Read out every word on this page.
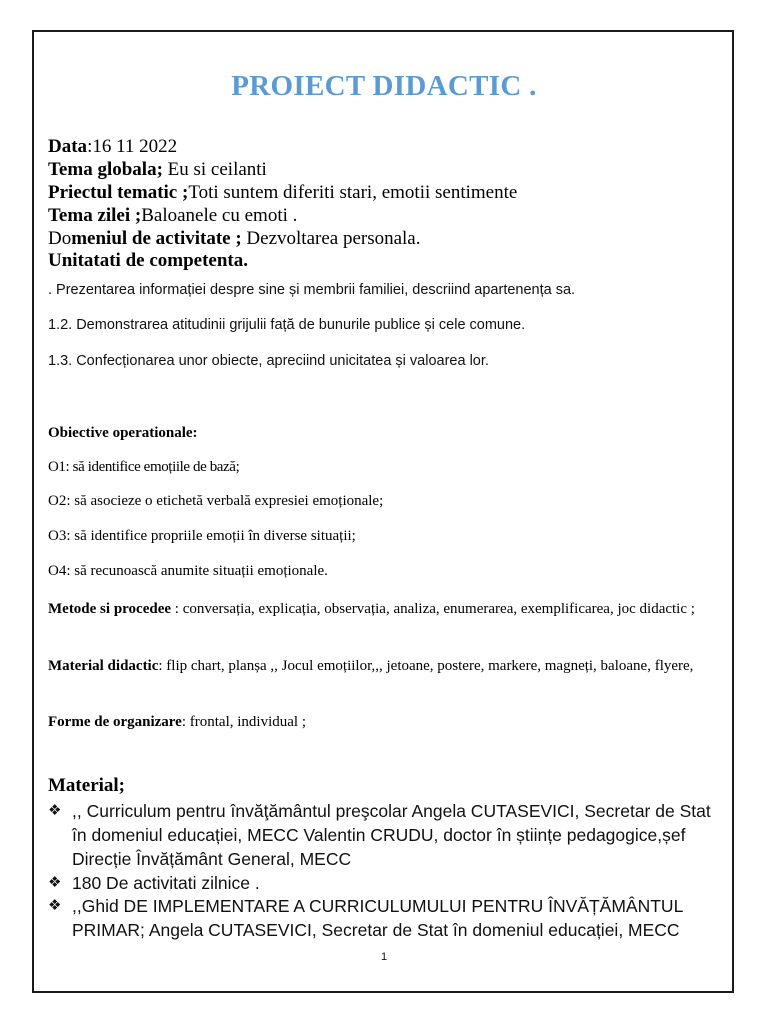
PROIECT DIDACTIC .
Data:16 11 2022
Tema globala; Eu si ceilanti
Priectul tematic ;Toti suntem diferiti stari, emotii sentimente
Tema zilei ;Baloanele cu emoti .
Domeniul de activitate ; Dezvoltarea personala.
Unitatati de competenta.
. Prezentarea informației despre sine și membrii familiei, descriind apartenența sa.
1.2. Demonstrarea atitudinii grijulii față de bunurile publice și cele comune.
1.3. Confecționarea unor obiecte, apreciind unicitatea și valoarea lor.
Obiective operationale:
O1: să identifice emoțiile de bază;
O2: să asocieze o etichetă verbală expresiei emoționale;
O3: să identifice propriile emoții în diverse situații;
O4: să recunoască anumite situații emoționale.
Metode si procedee : conversația, explicația, observația, analiza, enumerarea, exemplificarea, joc didactic ;
Material didactic: flip chart, planșa ,, Jocul emoțiilor,,, jetoane, postere, markere, magneți, baloane, flyere,
Forme de organizare: frontal, individual ;
Material;
❖ ,, Curriculum pentru învăţământul preşcolar Angela CUTASEVICI, Secretar de Stat în domeniul educației, MECC Valentin CRUDU, doctor în științe pedagogice,șef Direcție Învățământ General, MECC
❖ 180 De activitati zilnice .
❖ ,,Ghid DE IMPLEMENTARE A CURRICULUMULUI PENTRU ÎNVĂȚĂMÂNTUL PRIMAR; Angela CUTASEVICI, Secretar de Stat în domeniul educației, MECC
1
